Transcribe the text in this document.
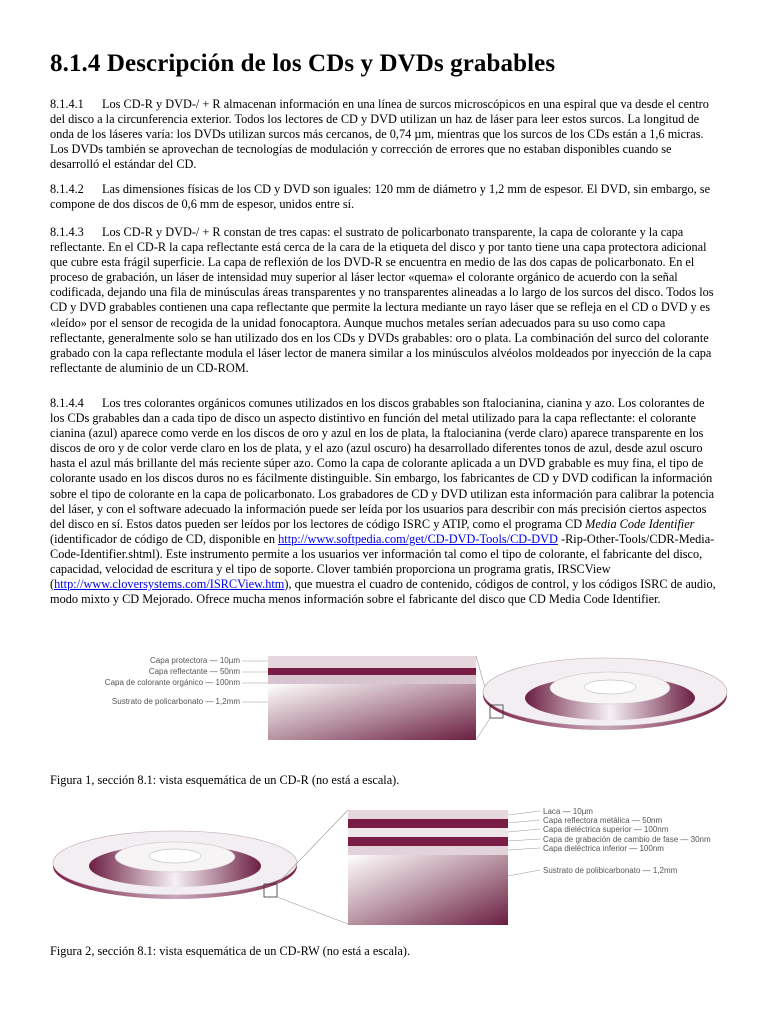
8.1.4 Descripción de los CDs y DVDs grabables

8.1.4.1 Los CD-R y DVD-/ + R almacenan información en una línea de surcos microscópicos en una espiral que va desde el centro del disco a la circunferencia exterior. Todos los lectores de CD y DVD utilizan un haz de láser para leer estos surcos. La longitud de onda de los láseres varía: los DVDs utilizan surcos más cercanos, de 0,74 µm, mientras que los surcos de los CDs están a 1,6 micras. Los DVDs también se aprovechan de tecnologías de modulación y corrección de errores que no estaban disponibles cuando se desarrolló el estándar del CD.

8.1.4.2 Las dimensiones físicas de los CD y DVD son iguales: 120 mm de diámetro y 1,2 mm de espesor. El DVD, sin embargo, se compone de dos discos de 0,6 mm de espesor, unidos entre sí.

8.1.4.3 Los CD-R y DVD-/ + R constan de tres capas: el sustrato de policarbonato transparente, la capa de colorante y la capa reflectante. En el CD-R la capa reflectante está cerca de la cara de la etiqueta del disco y por tanto tiene una capa protectora adicional que cubre esta frágil superficie. La capa de reflexión de los DVD-R se encuentra en medio de las dos capas de policarbonato. En el proceso de grabación, un láser de intensidad muy superior al láser lector «quema» el colorante orgánico de acuerdo con la señal codificada, dejando una fila de minúsculas áreas transparentes y no transparentes alineadas a lo largo de los surcos del disco. Todos los CD y DVD grabables contienen una capa reflectante que permite la lectura mediante un rayo láser que se refleja en el CD o DVD y es «leído» por el sensor de recogida de la unidad fonocaptora. Aunque muchos metales serían adecuados para su uso como capa reflectante, generalmente solo se han utilizado dos en los CDs y DVDs grabables: oro o plata. La combinación del surco del colorante grabado con la capa reflectante modula el láser lector de manera similar a los minúsculos alvéolos moldeados por inyección de la capa reflectante de aluminio de un CD-ROM.

8.1.4.4 Los tres colorantes orgánicos comunes utilizados en los discos grabables son ftalocianina, cianina y azo. Los colorantes de los CDs grabables dan a cada tipo de disco un aspecto distintivo en función del metal utilizado para la capa reflectante: el colorante cianina (azul) aparece como verde en los discos de oro y azul en los de plata, la ftalocianina (verde claro) aparece transparente en los discos de oro y de color verde claro en los de plata, y el azo (azul oscuro) ha desarrollado diferentes tonos de azul, desde azul oscuro hasta el azul más brillante del más reciente súper azo. Como la capa de colorante aplicada a un DVD grabable es muy fina, el tipo de colorante usado en los discos duros no es fácilmente distinguible. Sin embargo, los fabricantes de CD y DVD codifican la información sobre el tipo de colorante en la capa de policarbonato. Los grabadores de CD y DVD utilizan esta información para calibrar la potencia del láser, y con el software adecuado la información puede ser leída por los usuarios para describir con más precisión ciertos aspectos del disco en sí. Estos datos pueden ser leídos por los lectores de código ISRC y ATIP, como el programa CD Media Code Identifier (identificador de código de CD, disponible en http://www.softpedia.com/get/CD-DVD-Tools/CD-DVD -Rip-Other-Tools/CDR-Media-Code-Identifier.shtml). Este instrumento permite a los usuarios ver información tal como el tipo de colorante, el fabricante del disco, capacidad, velocidad de escritura y el tipo de soporte. Clover también proporciona un programa gratis, IRSCView (http://www.cloversystems.com/ISRCView.htm), que muestra el cuadro de contenido, códigos de control, y los códigos ISRC de audio, modo mixto y CD Mejorado. Ofrece mucha menos información sobre el fabricante del disco que CD Media Code Identifier.

Capa protectora — 10µm
Capa reflectante — 50nm
Capa de colorante orgánico — 100nm
Sustrato de policarbonato — 1,2mm

Figura 1, sección 8.1: vista esquemática de un CD-R (no está a escala).

Laca — 10µm
Capa reflectora metálica — 50nm
Capa dieléctrica superior — 100nm
Capa de grabación de cambio de fase — 30nm
Capa dieléctrica inferior — 100nm
Sustrato de polibicarbonato — 1,2mm

Figura 2, sección 8.1: vista esquemática de un CD-RW (no está a escala).
